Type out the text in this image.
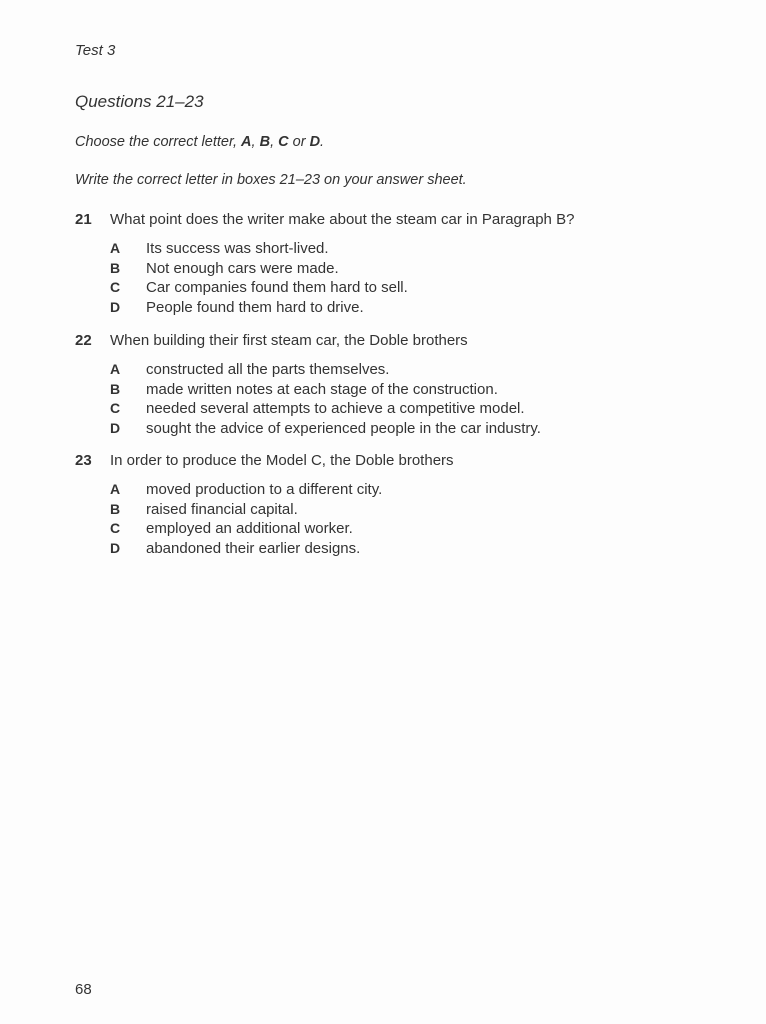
Test 3
Questions 21–23
Choose the correct letter, A, B, C or D.
Write the correct letter in boxes 21–23 on your answer sheet.
21 What point does the writer make about the steam car in Paragraph B?
A Its success was short-lived.
B Not enough cars were made.
C Car companies found them hard to sell.
D People found them hard to drive.
22 When building their first steam car, the Doble brothers
A constructed all the parts themselves.
B made written notes at each stage of the construction.
C needed several attempts to achieve a competitive model.
D sought the advice of experienced people in the car industry.
23 In order to produce the Model C, the Doble brothers
A moved production to a different city.
B raised financial capital.
C employed an additional worker.
D abandoned their earlier designs.
68
